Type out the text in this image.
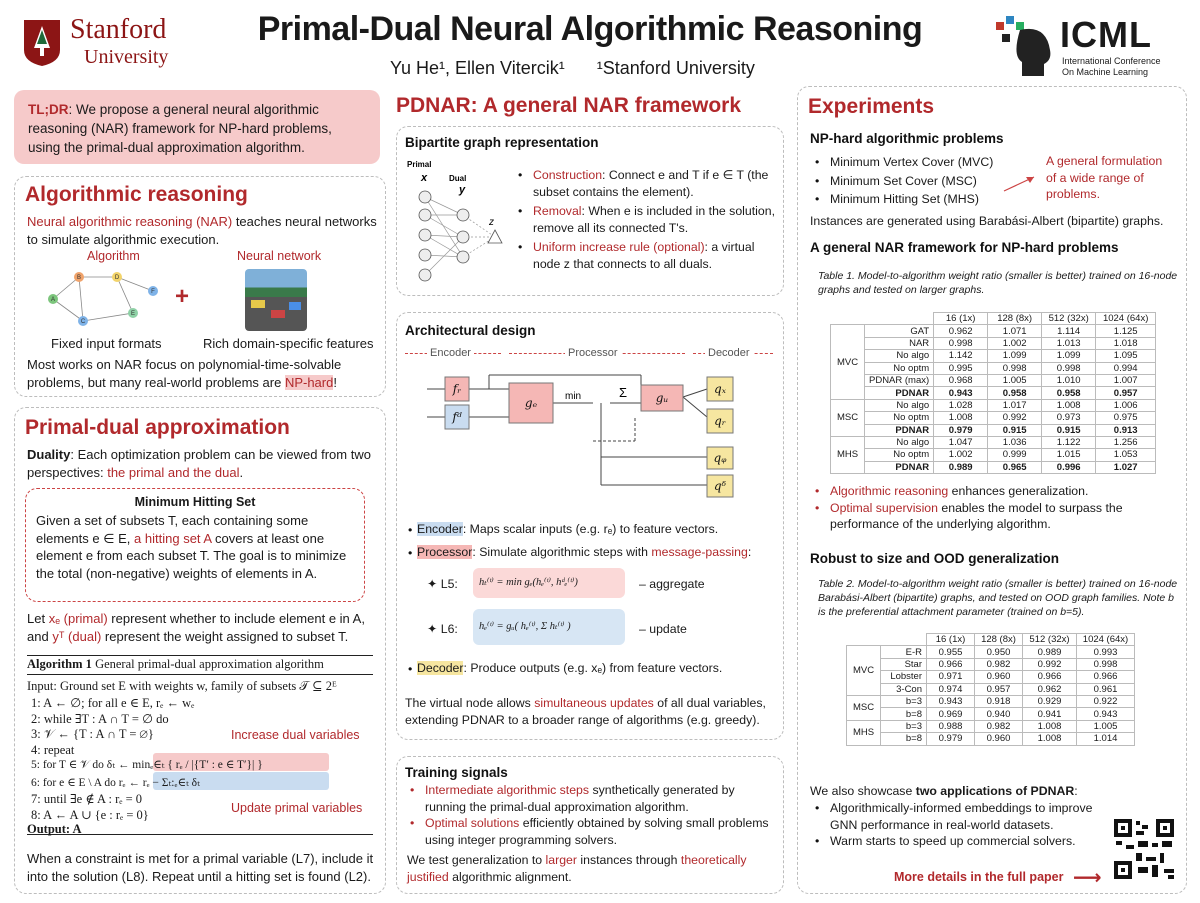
Stanford
University
Primal-Dual Neural Algorithmic Reasoning
Yu He¹, Ellen Vitercik¹ ¹Stanford University
ICML
International Conference
On Machine Learning
TL;DR: We propose a general neural algorithmic reasoning (NAR) framework for NP-hard problems, using the primal-dual approximation algorithm.
Algorithmic reasoning
Neural algorithmic reasoning (NAR) teaches neural networks to simulate algorithmic execution.
Algorithm	Neural network
A
B
C
D
E
F +
Fixed input formats	Rich domain-specific features
Most works on NAR focus on polynomial-time-solvable problems, but many real-world problems are NP-hard!
Primal-dual approximation
Duality: Each optimization problem can be viewed from two perspectives: the primal and the dual.
Minimum Hitting Set
Given a set of subsets T, each containing some elements e ∈ E, a hitting set A covers at least one element e from each subset T. The goal is to minimize the total (non-negative) weights of elements in A.
Let xₑ (primal) represent whether to include element e in A, and yᵀ (dual) represent the weight assigned to subset T.
Algorithm 1 General primal-dual approximation algorithm
Input: Ground set E with weights w, family of subsets 𝒯 ⊆ 2ᴱ
1: A ← ∅; for all e ∈ E, rₑ ← wₑ
2: while ∃T : A ∩ T = ∅ do
3: 𝒱 ← {T : A ∩ T = ∅}
4: repeat
5: for T ∈ 𝒱 do δₜ ← minₑ∈ₜ { rₑ / |{T′ : e ∈ T′}| }
6: for e ∈ E \ A do rₑ ← rₑ − Σₜ:ₑ∈ₜ δₜ
7: until ∃e ∉ A : rₑ = 0
8: A ← A ∪ {e : rₑ = 0}
Output: A
Increase dual variables
Update primal variables
When a constraint is met for a primal variable (L7), include it into the solution (L8). Repeat until a hitting set is found (L2).
PDNAR: A general NAR framework
Bipartite graph representation
Primal
x	Dual
y
z
• Construction: Connect e and T if e ∈ T (the subset contains the element).
• Removal: When e is included in the solution, remove all its connected T's.
• Uniform increase rule (optional): a virtual node z that connects to all duals.
Architectural design
Encoder	Processor	Decoder
fᵣ
fᵈ
gₑ	gᵤ
qₓ
qᵣ
qᵩ
qᵟ
min	Σ
• Encoder: Maps scalar inputs (e.g. rₑ) to feature vectors.
• Processor: Simulate algorithmic steps with message-passing:
✦ L5:	hₜ⁽ᵗ⁾ = min gₑ(hₑ⁽ᵗ⁾, hᵈₑ⁽ᵗ⁾)	– aggregate
✦ L6:	hₑ⁽ᵗ⁾ = gᵤ( hₑ⁽ᵗ⁾, Σ hₜ⁽ᵗ⁾ )	– update
• Decoder: Produce outputs (e.g. xₑ) from feature vectors.
The virtual node allows simultaneous updates of all dual variables, extending PDNAR to a broader range of algorithms (e.g. greedy).
Training signals
• Intermediate algorithmic steps synthetically generated by running the primal-dual approximation algorithm.
• Optimal solutions efficiently obtained by solving small problems using integer programming solvers.
We test generalization to larger instances through theoretically justified algorithmic alignment.
Experiments
NP-hard algorithmic problems
• Minimum Vertex Cover (MVC)
• Minimum Set Cover (MSC)
• Minimum Hitting Set (MHS)
A general formulation of a wide range of problems.
Instances are generated using Barabási-Albert (bipartite) graphs.
A general NAR framework for NP-hard problems
Table 1. Model-to-algorithm weight ratio (smaller is better) trained on 16-node graphs and tested on larger graphs.
		16 (1x)	128 (8x)	512 (32x)	1024 (64x)
MVC	GAT	0.962	1.071	1.114	1.125
	NAR	0.998	1.002	1.013	1.018
	No algo	1.142	1.099	1.099	1.095
	No optm	0.995	0.998	0.998	0.994
	PDNAR (max)	0.968	1.005	1.010	1.007
	PDNAR	0.943	0.958	0.958	0.957
MSC	No algo	1.028	1.017	1.008	1.006
	No optm	1.008	0.992	0.973	0.975
	PDNAR	0.979	0.915	0.915	0.913
MHS	No algo	1.047	1.036	1.122	1.256
	No optm	1.002	0.999	1.015	1.053
	PDNAR	0.989	0.965	0.996	1.027
• Algorithmic reasoning enhances generalization.
• Optimal supervision enables the model to surpass the performance of the underlying algorithm.
Robust to size and OOD generalization
Table 2. Model-to-algorithm weight ratio (smaller is better) trained on 16-node Barabási-Albert (bipartite) graphs, and tested on OOD graph families. Note b is the preferential attachment parameter (trained on b=5).
		16 (1x)	128 (8x)	512 (32x)	1024 (64x)
MVC	E-R	0.955	0.950	0.989	0.993
	Star	0.966	0.982	0.992	0.998
	Lobster	0.971	0.960	0.966	0.966
	3-Con	0.974	0.957	0.962	0.961
MSC	b=3	0.943	0.918	0.929	0.922
	b=8	0.969	0.940	0.941	0.943
MHS	b=3	0.988	0.982	1.008	1.005
	b=8	0.979	0.960	1.008	1.014
We also showcase two applications of PDNAR:
• Algorithmically-informed embeddings to improve GNN performance in real-world datasets.
• Warm starts to speed up commercial solvers.
More details in the full paper ⟶
